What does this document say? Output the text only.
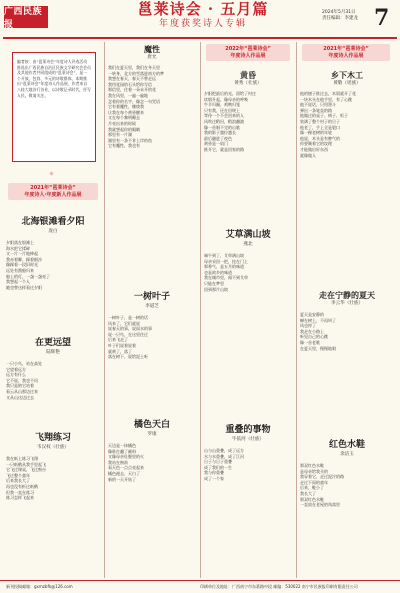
广西民族报
邕莱诗会 · 五月篇
年度获奖诗人专辑
2024年5月31日
责任编辑：李建龙 7
编者按：由“邕莱诗会”年度诗人评选活动推选出广西民族自治区民族文学研究会会员及其他作者共同组成的“邕莱诗会”，是一个开放、包容、多元的诗歌群体。本期推出“邕莱诗会”年度诗人作品展，作者来自八桂大地各行各业，以诗歌记录时代，抒写人民。敬请关注。
2021年“邕莱诗会”
年度诗人·年度新人作品展
北海银滩看夕阳
庞白
夕阳落在银滩上
海水把它揉碎
又一片一片地捧起
我赤着脚，踩着细沙
像踩着一段旧时光
远处有渔船归来
船上的灯，一盏一盏亮了
我想起一个人
她也曾这样看过夕阳
在更远望
陆辉艳
一只小鸟，站在高处
它望着远方
远方有什么
它不说，我也不问
我只是陪它站着
看云从山那边过来
又从山这边过去
飞翔练习
韦汉权（壮族）
我在纸上练习飞翔
一只纸鹤从我手里起飞
它飞过课桌，飞过窗台
飞过整个童年
后来我长大了
再也没有折过纸鹤
但我一直在练习
练习怎样飞起来
魔性
唐允
我们在夏天里，我们在冬天里
一转身，北方的雪落进南方的梦
我想在春天，春天不曾走远
我用花园的石头给你写信
那信里，住着一朵未开的花
我在风里，一遍一遍地
念着你的名字，像念一句咒语
它有着魔性，缠绕我
让我在每个黄昏醒来
又在每个黎明睡去
月亮出来的时候
我就想起你的眼睛
那里有一片湖
湖里有一条不肯上岸的鱼
它有魔性，我也有
一树叶子
李道芝
一树叶子，是一树的话
风来了，它们就说
说春天的事，说雨水的事
说一只鸟，在这里住过
后来飞走了
叶子们说着说着
就黄了，落了
落在树下，说给泥土听
橘色天白
罗康
天边是一抹橘色
像谁打翻了颜料
又像母亲灶膛里的火
我站在窗前
看天色一点点亮起来
橘色褪去，天白了
新的一天开始了
2022年“邕莱诗会”
年度诗人作品展
黄昏
黄秀（壮族）
夕阳把最后的光，留给了村庄
炊烟升起，像母亲的呼唤
牛羊归圈，鸡鸭归笼
只有我，还在田埂上
等待一个不会回来的人
风吹过稻田，稻浪翻滚
像一首唱不完的山歌
我的影子越拉越长
最后融进了夜色
黄昏是一扇门
推开它，就是回家的路
艾草满山坡
燕北
端午到了，艾草满山坡
母亲采回一把，挂在门上
那香气，是五月的味道
也是故乡的味道
我在城市里，闻不到艾草
只能在梦里
回到那片山坡
重叠的事物
牛依河（壮族）
山与山重叠，成了远方
水与水重叠，成了江河
日子与日子重叠
成了我们的一生
我与你重叠
成了一个家
2021年“邕莱诗会”
年度诗人作品展
乡下木工
黄敬（瑶族）
他的刨子推过去，木屑就开了花
一块木头在他手里，有了心跳
他不说话，只用墨斗
弹出一条笔直的路
他做过的桌子、椅子、柜子
装满了整个村子的日子
他老了，手上全是裂口
像一棵老树的年轮
他说，木头是有脾气的
你要顺着它的纹理
才能做出好东西
就像做人
走在宁静的夏天
李云华（壮族）
夏天是安静的
蝉在树上，不再叫了
风也停了
我走在小路上
听见自己的心跳
像一首老歌
在夏天里，慢慢地唱
红色水鞋
余洁玉
那双红色水鞋
是母亲给我买的
我穿着它，走过泥泞的路
走过下雨的童年
后来，鞋小了
我长大了
那双红色水鞋
一直放在老屋的角落里
新刊投稿邮箱：gxmzbfk@126.com	印刷单位及地址：广西南宁市东葛路中段 邮编：530022 南宁市民族报印刷有限责任公司
